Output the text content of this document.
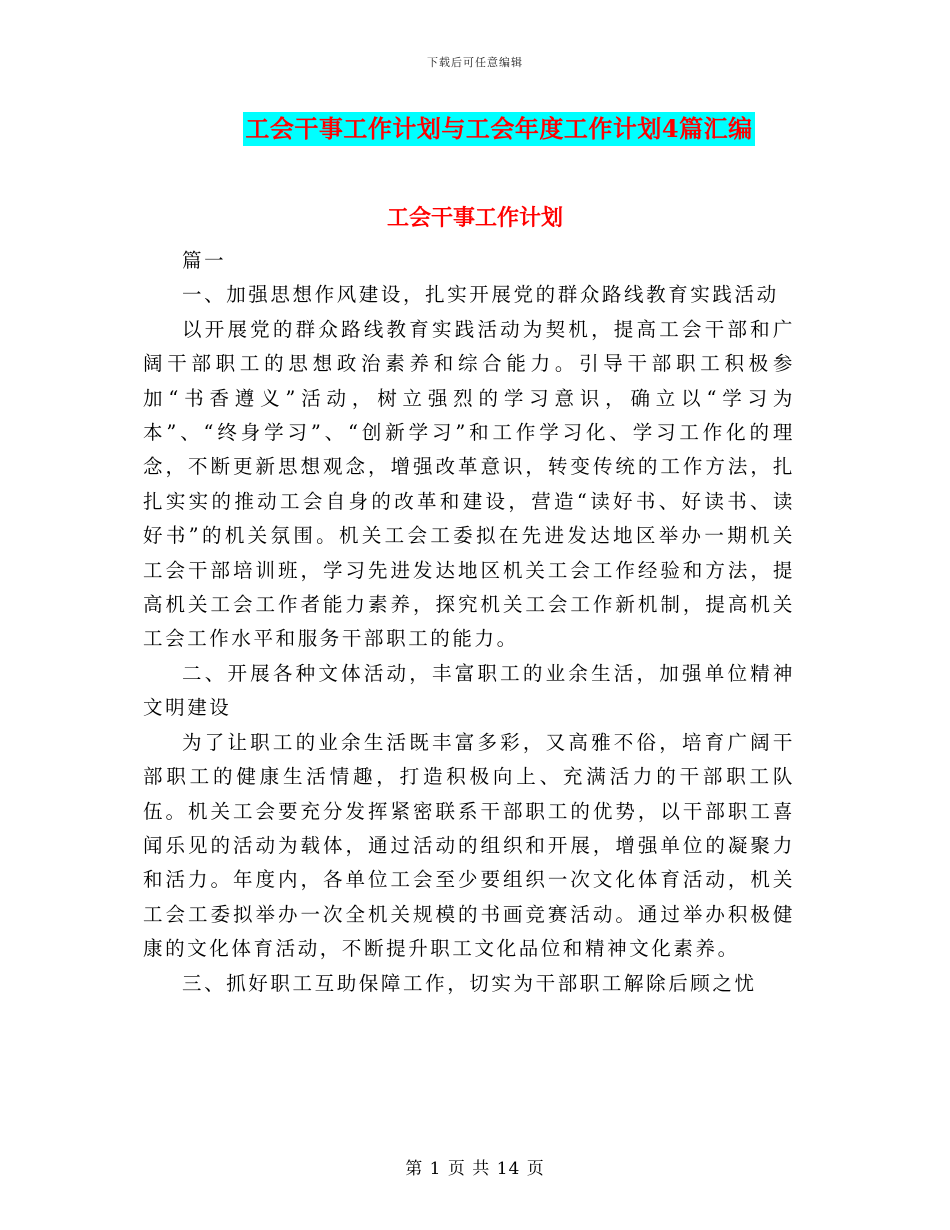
下载后可任意编辑
工会干事工作计划与工会年度工作计划4篇汇编
工会干事工作计划

篇一

一、加强思想作风建设，扎实开展党的群众路线教育实践活动

以开展党的群众路线教育实践活动为契机，提高工会干部和广阔干部职工的思想政治素养和综合能力。引导干部职工积极参加“书香遵义”活动，树立强烈的学习意识，确立以“学习为本”、“终身学习”、“创新学习”和工作学习化、学习工作化的理念，不断更新思想观念，增强改革意识，转变传统的工作方法，扎扎实实的推动工会自身的改革和建设，营造“读好书、好读书、读好书”的机关氛围。机关工会工委拟在先进发达地区举办一期机关工会干部培训班，学习先进发达地区机关工会工作经验和方法，提高机关工会工作者能力素养，探究机关工会工作新机制，提高机关工会工作水平和服务干部职工的能力。

二、开展各种文体活动，丰富职工的业余生活，加强单位精神文明建设

为了让职工的业余生活既丰富多彩，又高雅不俗，培育广阔干部职工的健康生活情趣，打造积极向上、充满活力的干部职工队伍。机关工会要充分发挥紧密联系干部职工的优势，以干部职工喜闻乐见的活动为载体，通过活动的组织和开展，增强单位的凝聚力和活力。年度内，各单位工会至少要组织一次文化体育活动，机关工会工委拟举办一次全机关规模的书画竞赛活动。通过举办积极健康的文化体育活动，不断提升职工文化品位和精神文化素养。

三、抓好职工互助保障工作，切实为干部职工解除后顾之忧

第 1 页 共 14 页
